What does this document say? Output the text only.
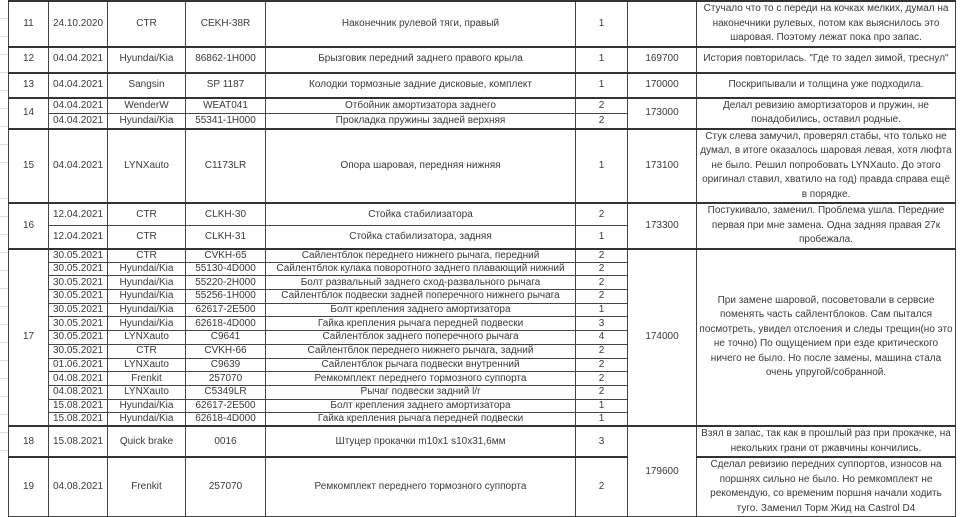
11	24.10.2020	CTR	CEKH-38R	Наконечник рулевой тяги, правый	1		Стучало что то с переди на кочках мелких, думал на наконечники рулевых, потом как выяснилось это шаровая. Поэтому лежат пока про запас.
12	04.04.2021	Hyundai/Kia	86862-1H000	Брызговик передний заднего правого крыла	1	169700	История повторилась. "Где то задел зимой, треснул"
13	04.04.2021	Sangsin	SP 1187	Колодки тормозные задние дисковые, комплект	1	170000	Поскрипывали и толщина уже подходила.
14	04.04.2021	WenderW	WEAT041	Отбойник амортизатора заднего	2	173000	Делал ревизию амортизаторов и пружин, не понадобились, оставил родные.
	04.04.2021	Hyundai/Kia	55341-1H000	Прокладка пружины задней верхняя	2		
15	04.04.2021	LYNXauto	C1173LR	Опора шаровая, передняя нижняя	1	173100	Стук слева замучил, проверял стабы, что только не думал, в итоге оказалось шаровая левая, хотя люфта не было. Решил попробовать LYNXauto. До этого оригинал ставил, хватило на год) правда справа ещё в порядке.
16	12.04.2021	CTR	CLKH-30	Стойка стабилизатора	2	173300	Постукивало, заменил. Проблема ушла. Передние первая при мне замена. Одна задняя правая 27к пробежала.
	12.04.2021	CTR	CLKH-31	Стойка стабилизатора, задняя	1		
17	30.05.2021	CTR	CVKH-65	Сайлентблок переднего нижнего рычага, передний	2	174000	При замене шаровой, посоветовали в сервсие поменять часть сайлентблоков. Сам пытался посмотреть, увидел отслоения и следы трещин(но это не точно) По ощущением при езде критического ничего не было. Но после замены, машина стала очень упругой/собранной.
	30.05.2021	Hyundai/Kia	55130-4D000	Сайлентблок кулака поворотного заднего плавающий нижний	2		
	30.05.2021	Hyundai/Kia	55220-2H000	Болт развальный заднего сход-развального рычага	2		
	30.05.2021	Hyundai/Kia	55256-1H000	Сайлентблок подвески задней поперечного нижнего рычага	2		
	30.05.2021	Hyundai/Kia	62617-2E500	Болт крепления заднего амортизатора	1		
	30.05.2021	Hyundai/Kia	62618-4D000	Гайка крепления рычага передней подвески	3		
	30.05.2021	LYNXauto	C9641	Сайлентблок заднего поперечного рычага	4		
	30.05.2021	CTR	CVKH-66	Сайлентблок переднего нижнего рычага, задний	2		
	01.06.2021	LYNXauto	C9639	Сайлентблок рычага подвески внутренний	2		
	04.08.2021	Frenkit	257070	Ремкомплект переднего тормозного суппорта	2		
	04.08.2021	LYNXauto	C5349LR	Рычаг подвески задний l/r	2		
	15.08.2021	Hyundai/Kia	62617-2E500	Болт крепления заднего амортизатора	1		
	15.08.2021	Hyundai/Kia	62618-4D000	Гайка крепления рычага передней подвески	1		
18	15.08.2021	Quick brake	0016	Штуцер прокачки m10x1 s10x31,6мм	3	179600	Взял в запас, так как в прошлый раз при прокачке, на некольких грани от ржавчины кончились.
19	04.08.2021	Frenkit	257070	Ремкомплект переднего тормозного суппорта	2		Сделал ревизию передних суппортов, износов на поршнях сильно не было. Но ремкомплект не рекомендую, со временим поршня начали ходить туго. Заменил Торм Жид на Castrol D4
